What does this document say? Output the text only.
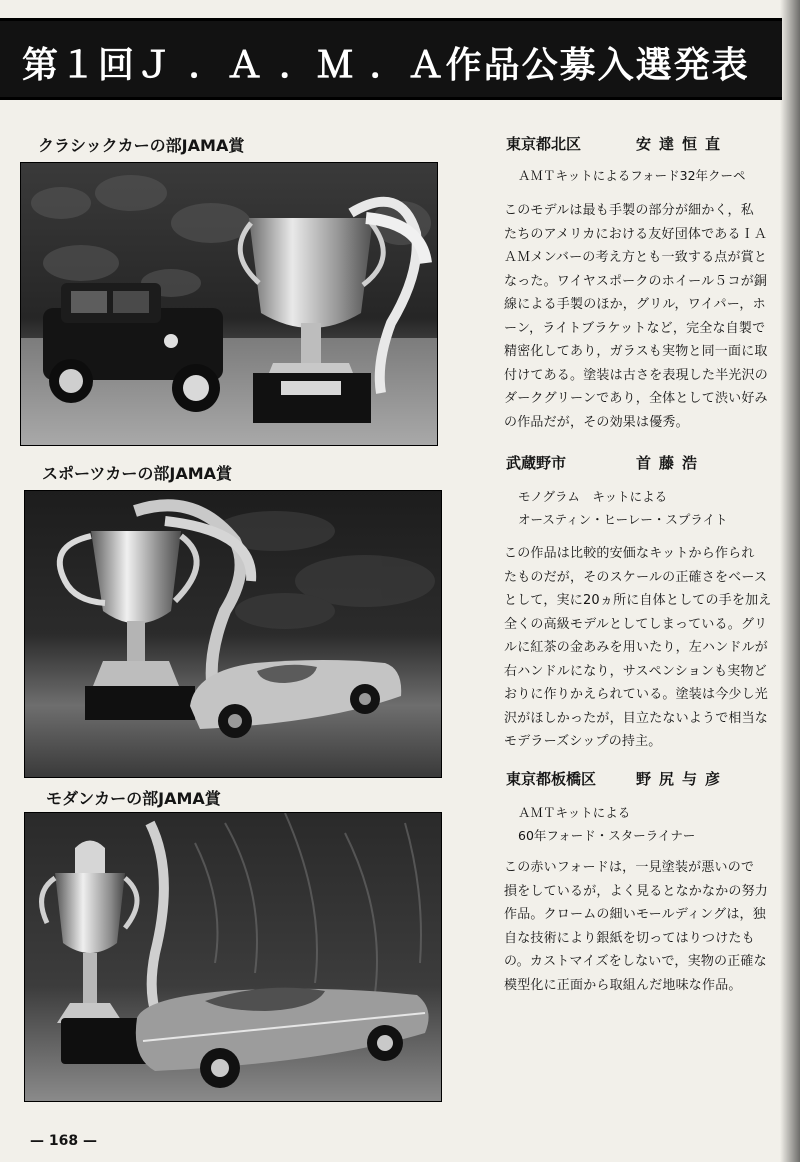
第１回Ｊ ．Ａ ．Ｍ ．Ａ作品公募入選発表
クラシックカーの部JAMA賞
スポーツカーの部JAMA賞
モダンカーの部JAMA賞
東京都北区	安達恒直
ＡＭＴキットによるフォード32年クーペ
このモデルは最も手製の部分が細かく，私
たちのアメリカにおける友好団体であるＩＡ
ＡＭメンバーの考え方とも一致する点が賞と
なった。ワイヤスポークのホイール５コが銅
線による手製のほか，グリル，ワイパー，ホ
ーン，ライトブラケットなど，完全な自製で
精密化してあり，ガラスも実物と同一面に取
付けてある。塗装は古さを表現した半光沢の
ダークグリーンであり，全体として渋い好み
の作品だが，その効果は優秀。
武蔵野市	首藤浩
モノグラム　キットによる
オースティン・ヒーレー・スプライト
この作品は比較的安価なキットから作られ
たものだが，そのスケールの正確さをベース
として，実に20ヵ所に自体としての手を加え
全くの高級モデルとしてしまっている。グリ
ルに紅茶の金あみを用いたり，左ハンドルが
右ハンドルになり，サスペンションも実物ど
おりに作りかえられている。塗装は今少し光
沢がほしかったが，目立たないようで相当な
モデラーズシップの持主。
東京都板橋区	野尻与彦
ＡＭＴキットによる
60年フォード・スターライナー
この赤いフォードは，一見塗装が悪いので
損をしているが，よく見るとなかなかの努力
作品。クロームの細いモールディングは，独
自な技術により銀紙を切ってはりつけたも
の。カストマイズをしないで，実物の正確な
模型化に正面から取組んだ地味な作品。
— 168 —
